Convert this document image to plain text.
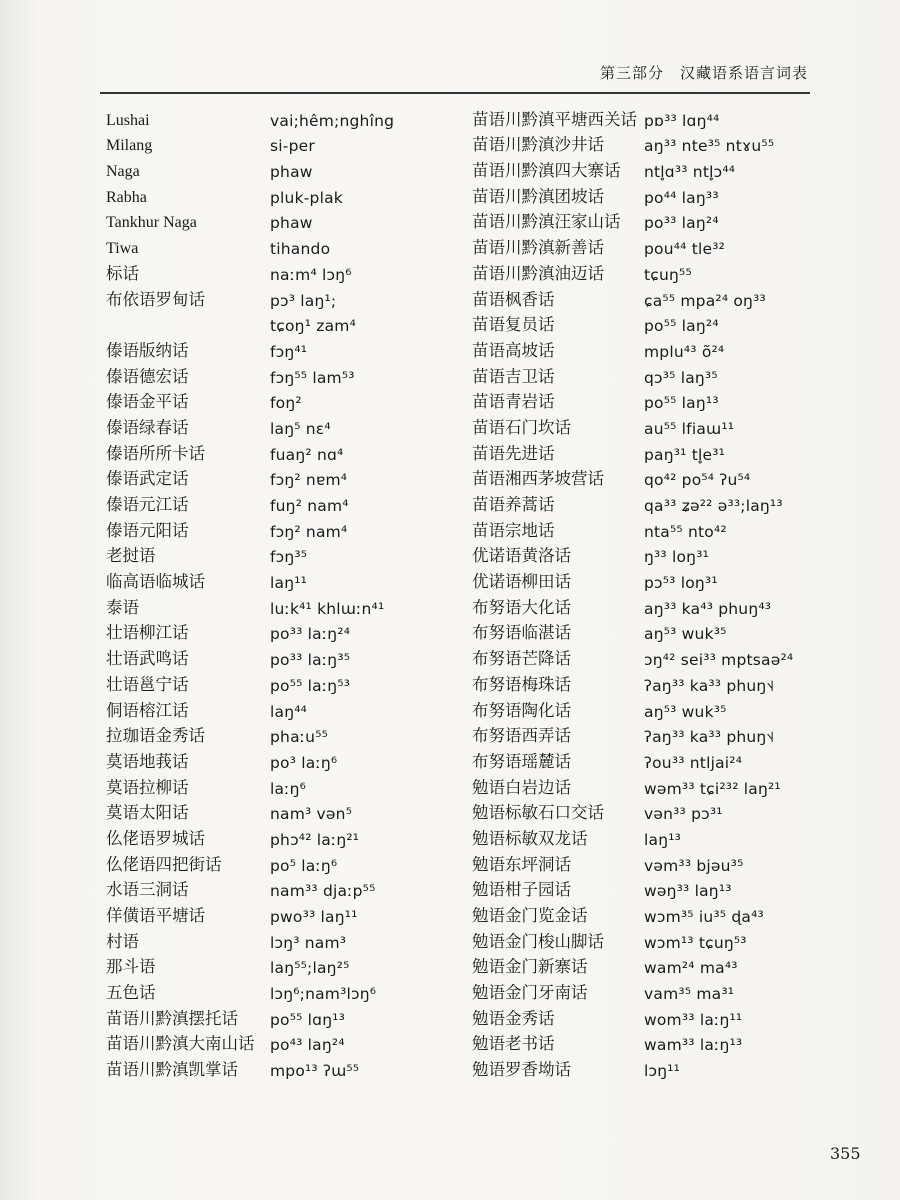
第三部分　汉藏语系语言词表
Lushai	vai;hêm;nghîng
Milang	si-per
Naga	phaw
Rabha	pluk-plak
Tankhur Naga	phaw
Tiwa	tihando
标话	naːm⁴ lɔŋ⁶
布依语罗甸话	pɔ³ laŋ¹;
tɕoŋ¹ zam⁴
傣语版纳话	fɔŋ⁴¹
傣语德宏话	fɔŋ⁵⁵ lam⁵³
傣语金平话	foŋ²
傣语绿春话	laŋ⁵ nɛ⁴
傣语所所卡话	fuaŋ² nɑ⁴
傣语武定话	fɔŋ² nɐm⁴
傣语元江话	fuŋ² nam⁴
傣语元阳话	fɔŋ² nam⁴
老挝语	fɔŋ³⁵
临高语临城话	laŋ¹¹
泰语	luːk⁴¹ khlɯːn⁴¹
壮语柳江话	po³³ laːŋ²⁴
壮语武鸣话	po³³ laːŋ³⁵
壮语邕宁话	po⁵⁵ laːŋ⁵³
侗语榕江话	laŋ⁴⁴
拉珈语金秀话	phaːu⁵⁵
莫语地莪话	po³ laːŋ⁶
莫语拉柳话	laːŋ⁶
莫语太阳话	nam³ vən⁵
仫佬语罗城话	phɔ⁴² laːŋ²¹
仫佬语四把街话	po⁵ laːŋ⁶
水语三洞话	nam³³ djaːp⁵⁵
佯僙语平塘话	pwo³³ laŋ¹¹
村语	lɔŋ³ nam³
那斗语	laŋ⁵⁵;laŋ²⁵
五色话	lɔŋ⁶;nam³lɔŋ⁶
苗语川黔滇摆托话	po⁵⁵ lɑŋ¹³
苗语川黔滇大南山话	po⁴³ laŋ²⁴
苗语川黔滇凯掌话	mpo¹³ ʔɯ⁵⁵
苗语川黔滇平塘西关话 pɒ³³ lɑŋ⁴⁴
苗语川黔滇沙井话	aŋ³³ nte³⁵ ntɤu⁵⁵
苗语川黔滇四大寨话	ntl̥ɑ³³ ntl̥ɔ⁴⁴
苗语川黔滇团坡话	po⁴⁴ laŋ³³
苗语川黔滇汪家山话	po³³ laŋ²⁴
苗语川黔滇新善话	pou⁴⁴ tle³²
苗语川黔滇油迈话	tɕuŋ⁵⁵
苗语枫香话	ɕa⁵⁵ mpa²⁴ oŋ³³
苗语复员话	po⁵⁵ laŋ²⁴
苗语高坡话	mplu⁴³ õ²⁴
苗语吉卫话	qɔ³⁵ laŋ³⁵
苗语青岩话	po⁵⁵ laŋ¹³
苗语石门坎话	au⁵⁵ lfiaɯ¹¹
苗语先进话	paŋ³¹ tl̥e³¹
苗语湘西茅坡营话	qo⁴² po⁵⁴ ʔu⁵⁴
苗语养蒿话	qa³³ ʑə²² ə³³;laŋ¹³
苗语宗地话	nta⁵⁵ nto⁴²
优诺语黄洛话	ŋ³³ loŋ³¹
优诺语柳田话	pɔ⁵³ loŋ³¹
布努语大化话	aŋ³³ ka⁴³ phuŋ⁴³
布努语临湛话	aŋ⁵³ wuk³⁵
布努语芒降话	ɔŋ⁴² sei³³ mptsaə²⁴
布努语梅珠话	ʔaŋ³³ ka³³ phuŋ˦˨
布努语陶化话	aŋ⁵³ wuk³⁵
布努语西弄话	ʔaŋ³³ ka³³ phuŋ˦˨
布努语瑶麓话	ʔou³³ ntljai²⁴
勉语白岩边话	wəm³³ tɕi²³² laŋ²¹
勉语标敏石口交话	vən³³ pɔ³¹
勉语标敏双龙话	laŋ¹³
勉语东坪洞话	vəm³³ bjəu³⁵
勉语柑子园话	wəŋ³³ laŋ¹³
勉语金门览金话	wɔm³⁵ iu³⁵ ɖa⁴³
勉语金门梭山脚话	wɔm¹³ tɕuŋ⁵³
勉语金门新寨话	wam²⁴ ma⁴³
勉语金门牙南话	vam³⁵ ma³¹
勉语金秀话	wom³³ laːŋ¹¹
勉语老书话	wam³³ laːŋ¹³
勉语罗香坳话	lɔŋ¹¹
355
